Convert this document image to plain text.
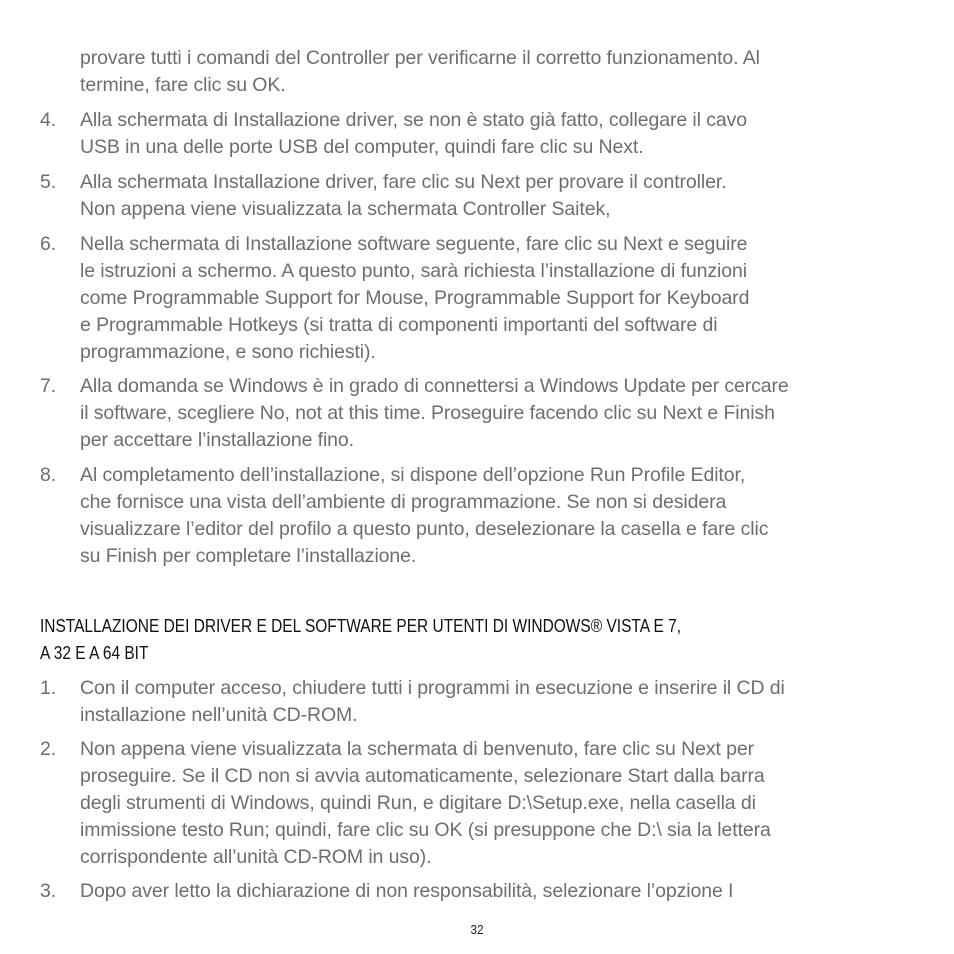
provare tutti i comandi del Controller per verificarne il corretto funzionamento. Al
termine, fare clic su OK.
4.	Alla schermata di Installazione driver, se non è stato già fatto, collegare il cavo
USB in una delle porte USB del computer, quindi fare clic su Next.
5.	Alla schermata Installazione driver, fare clic su Next per provare il controller.
Non appena viene visualizzata la schermata Controller Saitek,
6.	Nella schermata di Installazione software seguente, fare clic su Next e seguire
le istruzioni a schermo. A questo punto, sarà richiesta l’installazione di funzioni
come Programmable Support for Mouse, Programmable Support for Keyboard
e Programmable Hotkeys (si tratta di componenti importanti del software di
programmazione, e sono richiesti).
7.	Alla domanda se Windows è in grado di connettersi a Windows Update per cercare
il software, scegliere No, not at this time. Proseguire facendo clic su Next e Finish
per accettare l’installazione fino.
8.	Al completamento dell’installazione, si dispone dell’opzione Run Profile Editor,
che fornisce una vista dell’ambiente di programmazione. Se non si desidera
visualizzare l’editor del profilo a questo punto, deselezionare la casella e fare clic
su Finish per completare l’installazione.
INSTALLAZIONE DEI DRIVER E DEL SOFTWARE PER UTENTI DI WINDOWS® VISTA E 7,
A 32 E A 64 BIT
1.	Con il computer acceso, chiudere tutti i programmi in esecuzione e inserire il CD di
installazione nell’unità CD-ROM.
2.	Non appena viene visualizzata la schermata di benvenuto, fare clic su Next per
proseguire. Se il CD non si avvia automaticamente, selezionare Start dalla barra
degli strumenti di Windows, quindi Run, e digitare D:\Setup.exe, nella casella di
immissione testo Run; quindi, fare clic su OK (si presuppone che D:\ sia la lettera
corrispondente all’unità CD-ROM in uso).
3.	Dopo aver letto la dichiarazione di non responsabilità, selezionare l’opzione I
32
